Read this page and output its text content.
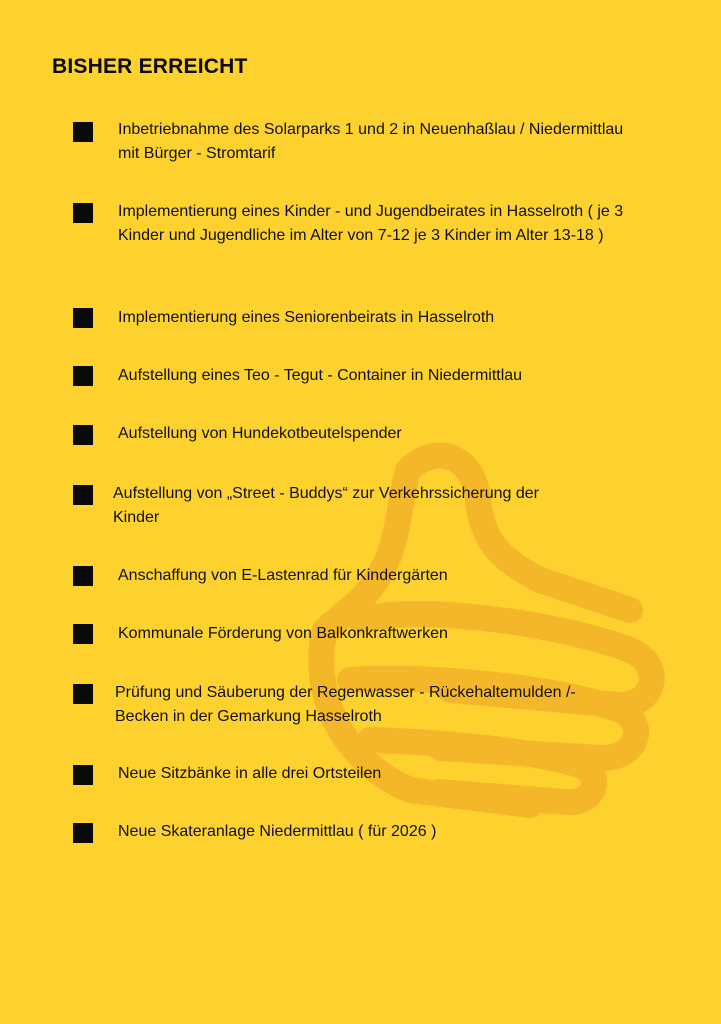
BISHER ERREICHT
Inbetriebnahme des Solarparks 1 und 2 in Neuenhaßlau / Niedermittlau mit Bürger - Stromtarif
Implementierung eines Kinder - und Jugendbeirates in Hasselroth ( je 3 Kinder und Jugendliche im Alter von 7-12 je 3 Kinder im Alter 13-18 )
Implementierung eines Seniorenbeirats in Hasselroth
Aufstellung eines Teo - Tegut - Container in Niedermittlau
Aufstellung von Hundekotbeutelspender
Aufstellung von „Street - Buddys“ zur Verkehrssicherung der Kinder
Anschaffung von E-Lastenrad für Kindergärten
Kommunale Förderung von Balkonkraftwerken
Prüfung und Säuberung der Regenwasser - Rückehaltemulden /- Becken in der Gemarkung Hasselroth
Neue Sitzbänke in alle drei Ortsteilen
Neue Skateranlage Niedermittlau ( für 2026 )
